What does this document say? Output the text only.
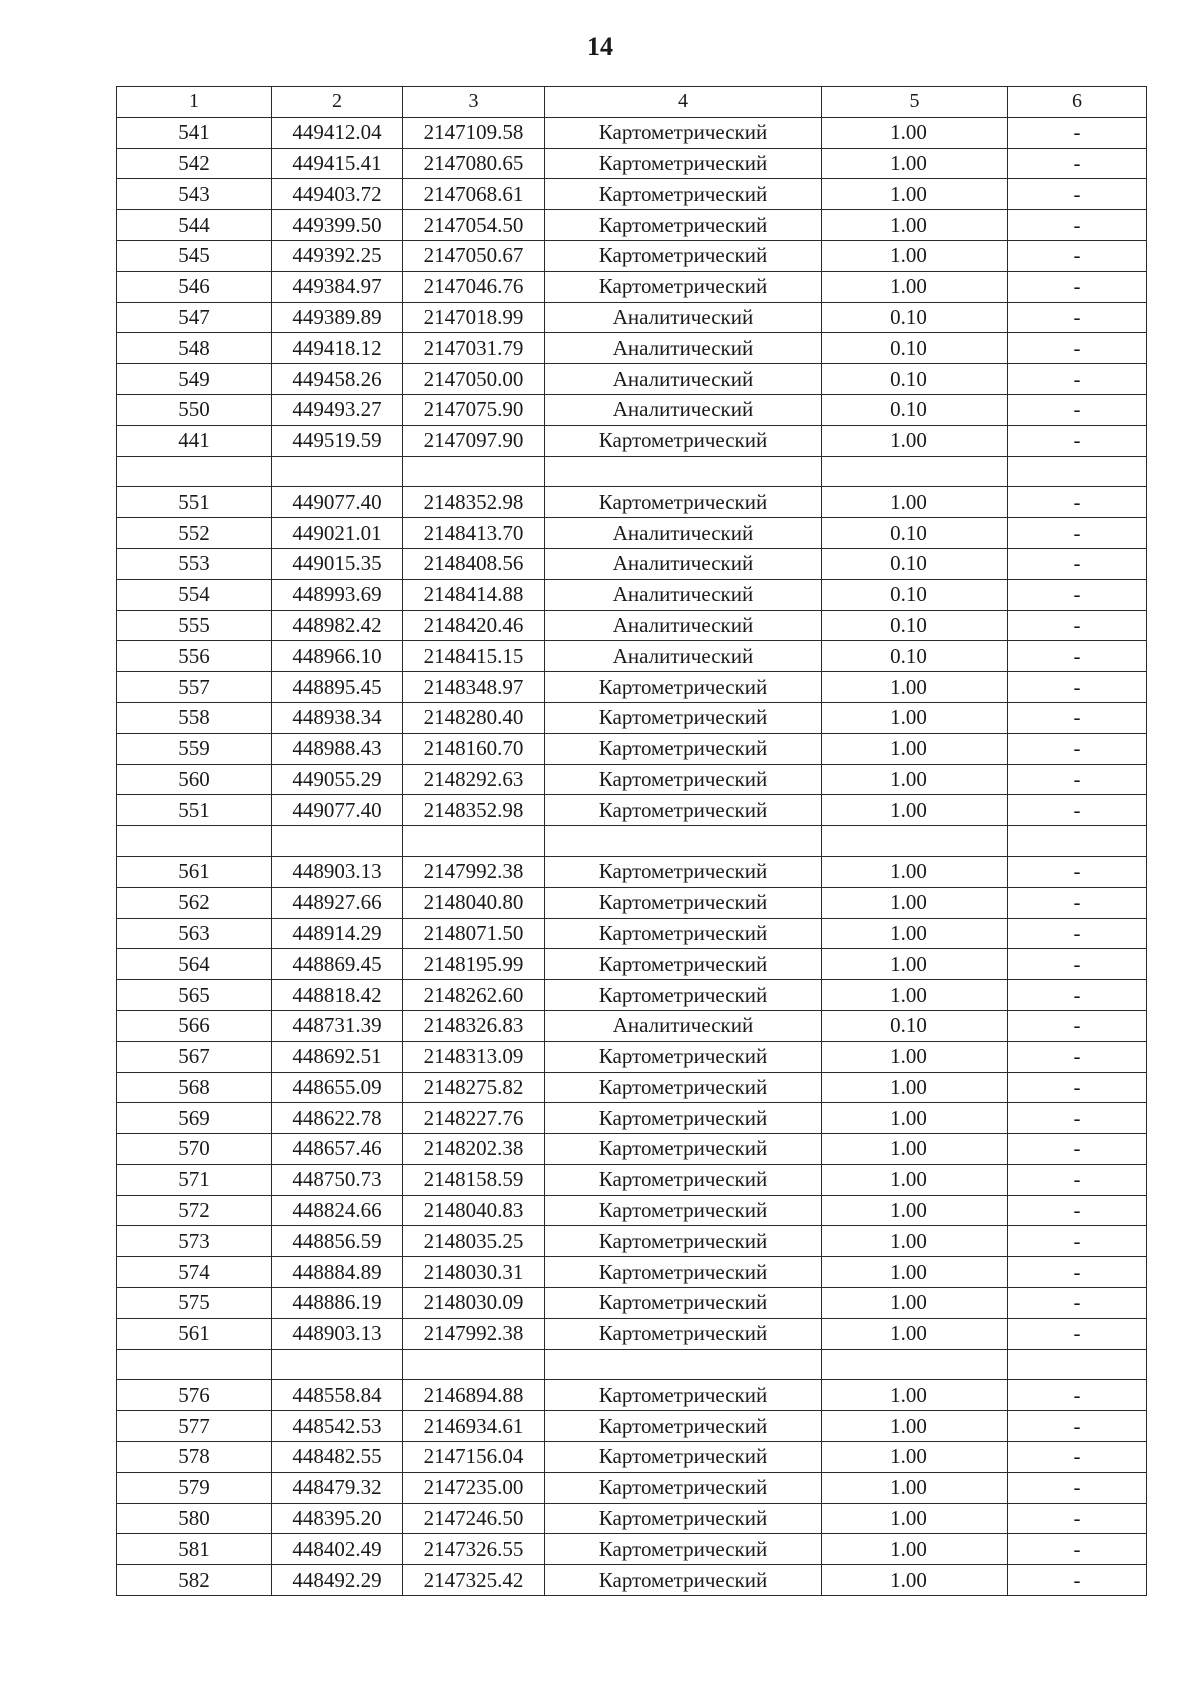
14
1	2	3	4	5	6
541	449412.04	2147109.58	Картометрический	1.00	-
542	449415.41	2147080.65	Картометрический	1.00	-
543	449403.72	2147068.61	Картометрический	1.00	-
544	449399.50	2147054.50	Картометрический	1.00	-
545	449392.25	2147050.67	Картометрический	1.00	-
546	449384.97	2147046.76	Картометрический	1.00	-
547	449389.89	2147018.99	Аналитический	0.10	-
548	449418.12	2147031.79	Аналитический	0.10	-
549	449458.26	2147050.00	Аналитический	0.10	-
550	449493.27	2147075.90	Аналитический	0.10	-
441	449519.59	2147097.90	Картометрический	1.00	-

551	449077.40	2148352.98	Картометрический	1.00	-
552	449021.01	2148413.70	Аналитический	0.10	-
553	449015.35	2148408.56	Аналитический	0.10	-
554	448993.69	2148414.88	Аналитический	0.10	-
555	448982.42	2148420.46	Аналитический	0.10	-
556	448966.10	2148415.15	Аналитический	0.10	-
557	448895.45	2148348.97	Картометрический	1.00	-
558	448938.34	2148280.40	Картометрический	1.00	-
559	448988.43	2148160.70	Картометрический	1.00	-
560	449055.29	2148292.63	Картометрический	1.00	-
551	449077.40	2148352.98	Картометрический	1.00	-

561	448903.13	2147992.38	Картометрический	1.00	-
562	448927.66	2148040.80	Картометрический	1.00	-
563	448914.29	2148071.50	Картометрический	1.00	-
564	448869.45	2148195.99	Картометрический	1.00	-
565	448818.42	2148262.60	Картометрический	1.00	-
566	448731.39	2148326.83	Аналитический	0.10	-
567	448692.51	2148313.09	Картометрический	1.00	-
568	448655.09	2148275.82	Картометрический	1.00	-
569	448622.78	2148227.76	Картометрический	1.00	-
570	448657.46	2148202.38	Картометрический	1.00	-
571	448750.73	2148158.59	Картометрический	1.00	-
572	448824.66	2148040.83	Картометрический	1.00	-
573	448856.59	2148035.25	Картометрический	1.00	-
574	448884.89	2148030.31	Картометрический	1.00	-
575	448886.19	2148030.09	Картометрический	1.00	-
561	448903.13	2147992.38	Картометрический	1.00	-

576	448558.84	2146894.88	Картометрический	1.00	-
577	448542.53	2146934.61	Картометрический	1.00	-
578	448482.55	2147156.04	Картометрический	1.00	-
579	448479.32	2147235.00	Картометрический	1.00	-
580	448395.20	2147246.50	Картометрический	1.00	-
581	448402.49	2147326.55	Картометрический	1.00	-
582	448492.29	2147325.42	Картометрический	1.00	-
